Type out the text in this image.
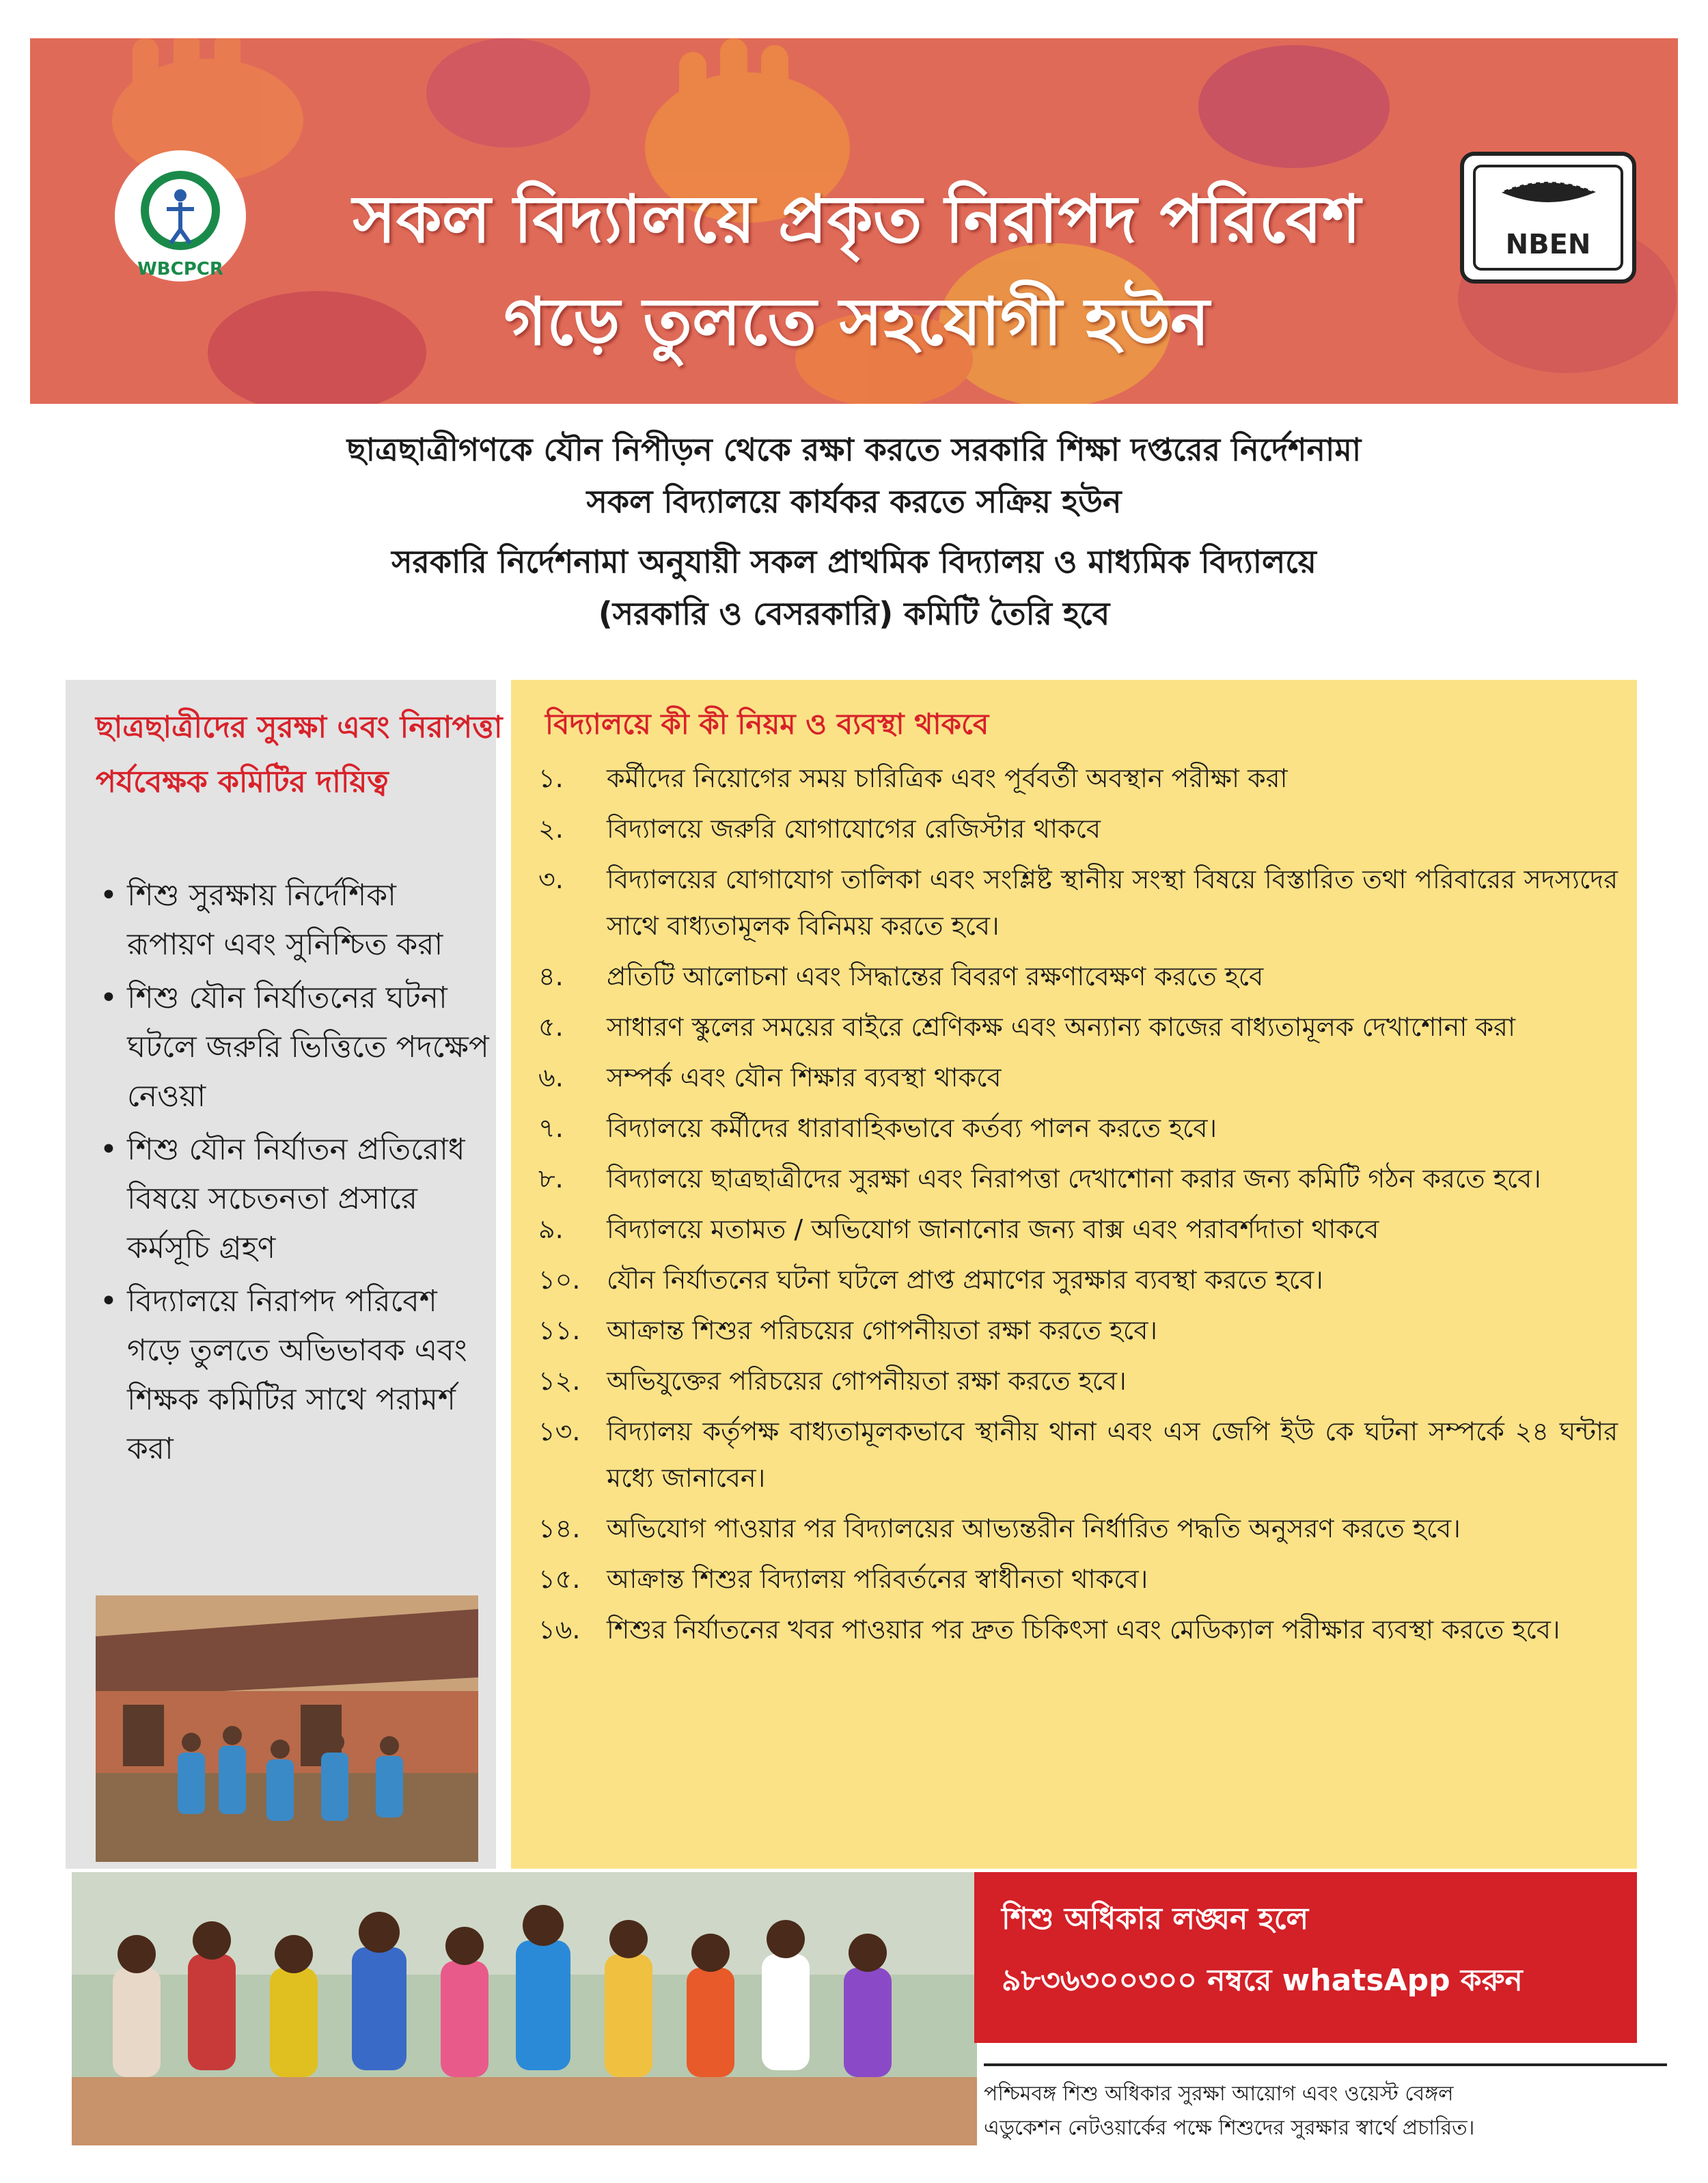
WBCPCR
সকল বিদ্যালয়ে প্রকৃত নিরাপদ পরিবেশ
গড়ে তুলতে সহযোগী হউন
NBEN
ছাত্রছাত্রীগণকে যৌন নিপীড়ন থেকে রক্ষা করতে সরকারি শিক্ষা দপ্তরের নির্দেশনামা
সকল বিদ্যালয়ে কার্যকর করতে সক্রিয় হউন
সরকারি নির্দেশনামা অনুযায়ী সকল প্রাথমিক বিদ্যালয় ও মাধ্যমিক বিদ্যালয়ে
(সরকারি ও বেসরকারি) কমিটি তৈরি হবে
ছাত্রছাত্রীদের সুরক্ষা এবং নিরাপত্তা পর্যবেক্ষক কমিটির দায়িত্ব
• শিশু সুরক্ষায় নির্দেশিকা রূপায়ণ এবং সুনিশ্চিত করা
• শিশু যৌন নির্যাতনের ঘটনা ঘটলে জরুরি ভিত্তিতে পদক্ষেপ নেওয়া
• শিশু যৌন নির্যাতন প্রতিরোধ বিষয়ে সচেতনতা প্রসারে কর্মসূচি গ্রহণ
• বিদ্যালয়ে নিরাপদ পরিবেশ গড়ে তুলতে অভিভাবক এবং শিক্ষক কমিটির সাথে পরামর্শ করা
বিদ্যালয়ে কী কী নিয়ম ও ব্যবস্থা থাকবে
১.	কর্মীদের নিয়োগের সময় চারিত্রিক এবং পূর্ববর্তী অবস্থান পরীক্ষা করা
২.	বিদ্যালয়ে জরুরি যোগাযোগের রেজিস্টার থাকবে
৩.	বিদ্যালয়ের যোগাযোগ তালিকা এবং সংশ্লিষ্ট স্থানীয় সংস্থা বিষয়ে বিস্তারিত তথা পরিবারের সদস্যদের সাথে বাধ্যতামূলক বিনিময় করতে হবে।
৪.	প্রতিটি আলোচনা এবং সিদ্ধান্তের বিবরণ রক্ষণাবেক্ষণ করতে হবে
৫.	সাধারণ স্কুলের সময়ের বাইরে শ্রেণিকক্ষ এবং অন্যান্য কাজের বাধ্যতামূলক দেখাশোনা করা
৬.	সম্পর্ক এবং যৌন শিক্ষার ব্যবস্থা থাকবে
৭.	বিদ্যালয়ে কর্মীদের ধারাবাহিকভাবে কর্তব্য পালন করতে হবে।
৮.	বিদ্যালয়ে ছাত্রছাত্রীদের সুরক্ষা এবং নিরাপত্তা দেখাশোনা করার জন্য কমিটি গঠন করতে হবে।
৯.	বিদ্যালয়ে মতামত / অভিযোগ জানানোর জন্য বাক্স এবং পরাবর্শদাতা থাকবে
১০.	যৌন নির্যাতনের ঘটনা ঘটলে প্রাপ্ত প্রমাণের সুরক্ষার ব্যবস্থা করতে হবে।
১১.	আক্রান্ত শিশুর পরিচয়ের গোপনীয়তা রক্ষা করতে হবে।
১২.	অভিযুক্তের পরিচয়ের গোপনীয়তা রক্ষা করতে হবে।
১৩.	বিদ্যালয় কর্তৃপক্ষ বাধ্যতামূলকভাবে স্থানীয় থানা এবং এস জেপি ইউ কে ঘটনা সম্পর্কে ২৪ ঘন্টার মধ্যে জানাবেন।
১৪.	অভিযোগ পাওয়ার পর বিদ্যালয়ের আভ্যন্তরীন নির্ধারিত পদ্ধতি অনুসরণ করতে হবে।
১৫.	আক্রান্ত শিশুর বিদ্যালয় পরিবর্তনের স্বাধীনতা থাকবে।
১৬.	শিশুর নির্যাতনের খবর পাওয়ার পর দ্রুত চিকিৎসা এবং মেডিক্যাল পরীক্ষার ব্যবস্থা করতে হবে।
শিশু অধিকার লঙ্ঘন হলে
৯৮৩৬৩০০৩০০ নম্বরে whatsApp করুন
পশ্চিমবঙ্গ শিশু অধিকার সুরক্ষা আয়োগ এবং ওয়েস্ট বেঙ্গল
এডুকেশন নেটওয়ার্কের পক্ষে শিশুদের সুরক্ষার স্বার্থে প্রচারিত।
